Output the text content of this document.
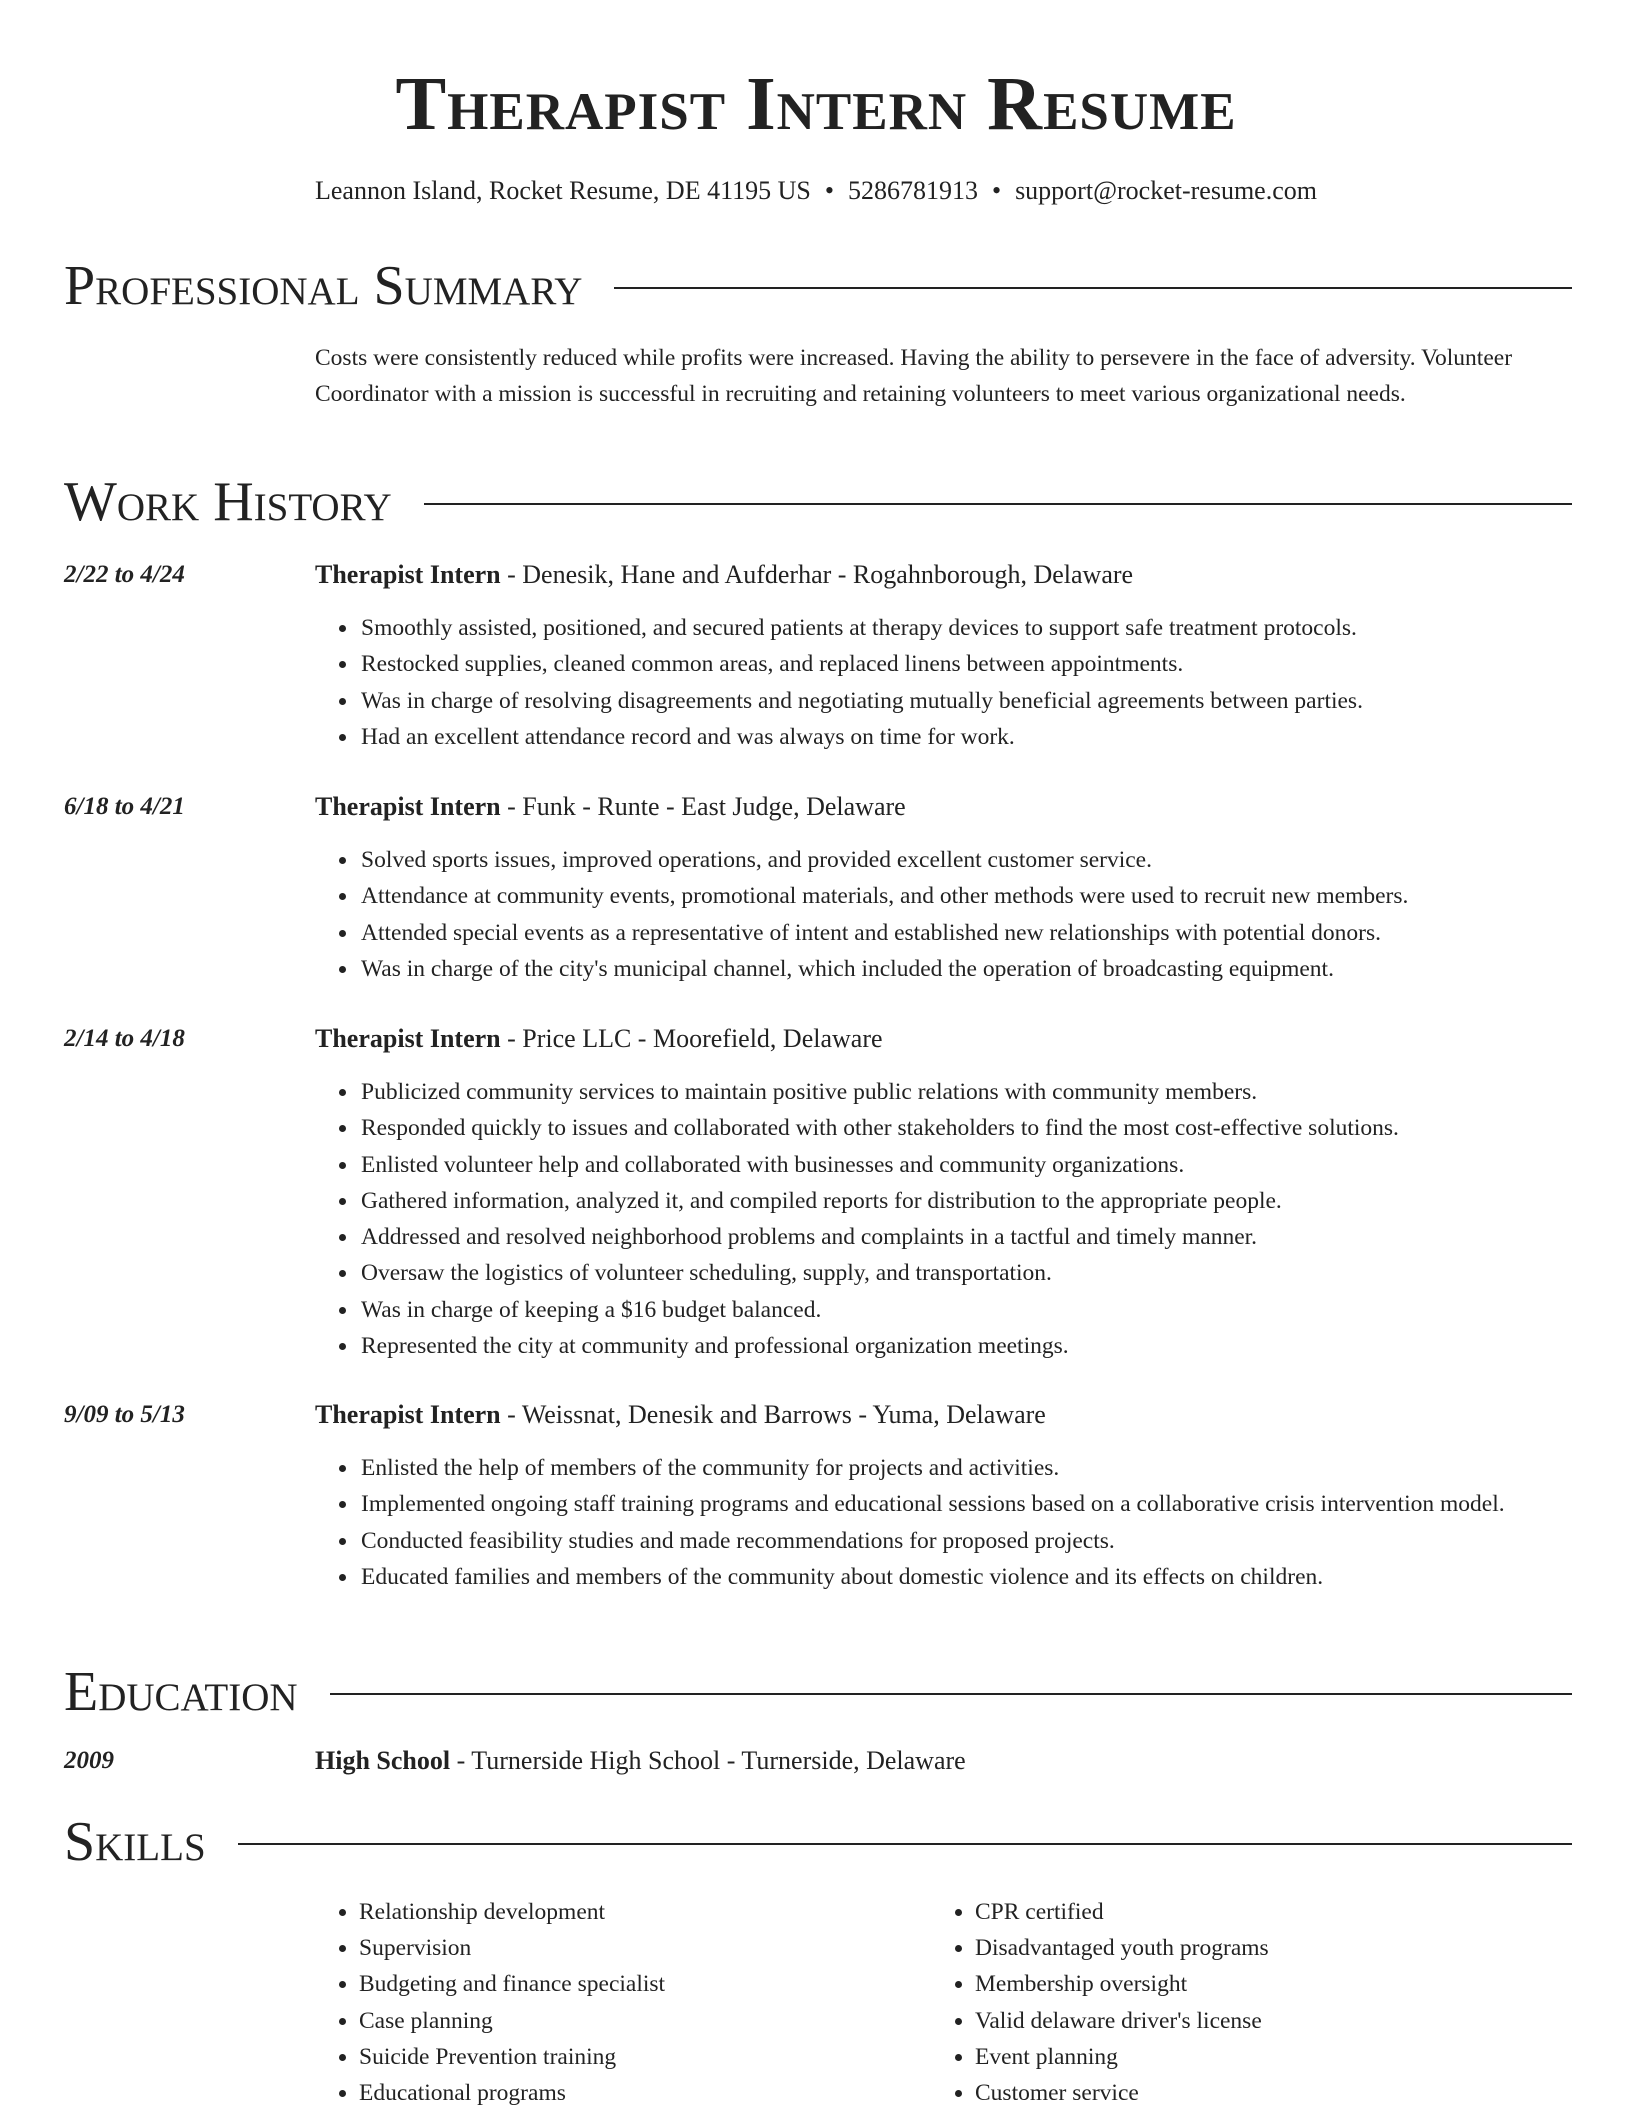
Therapist Intern Resume
Leannon Island, Rocket Resume, DE 41195 US • 5286781913 • support@rocket-resume.com
Professional Summary

Costs were consistently reduced while profits were increased. Having the ability to persevere in the face of adversity. Volunteer Coordinator with a mission is successful in recruiting and retaining volunteers to meet various organizational needs.

Work History
2/22 to 4/24	Therapist Intern - Denesik, Hane and Aufderhar - Rogahnborough, Delaware
• Smoothly assisted, positioned, and secured patients at therapy devices to support safe treatment protocols.
• Restocked supplies, cleaned common areas, and replaced linens between appointments.
• Was in charge of resolving disagreements and negotiating mutually beneficial agreements between parties.
• Had an excellent attendance record and was always on time for work.
6/18 to 4/21	Therapist Intern - Funk - Runte - East Judge, Delaware
• Solved sports issues, improved operations, and provided excellent customer service.
• Attendance at community events, promotional materials, and other methods were used to recruit new members.
• Attended special events as a representative of intent and established new relationships with potential donors.
• Was in charge of the city's municipal channel, which included the operation of broadcasting equipment.
2/14 to 4/18	Therapist Intern - Price LLC - Moorefield, Delaware
• Publicized community services to maintain positive public relations with community members.
• Responded quickly to issues and collaborated with other stakeholders to find the most cost-effective solutions.
• Enlisted volunteer help and collaborated with businesses and community organizations.
• Gathered information, analyzed it, and compiled reports for distribution to the appropriate people.
• Addressed and resolved neighborhood problems and complaints in a tactful and timely manner.
• Oversaw the logistics of volunteer scheduling, supply, and transportation.
• Was in charge of keeping a $16 budget balanced.
• Represented the city at community and professional organization meetings.
9/09 to 5/13	Therapist Intern - Weissnat, Denesik and Barrows - Yuma, Delaware
• Enlisted the help of members of the community for projects and activities.
• Implemented ongoing staff training programs and educational sessions based on a collaborative crisis intervention model.
• Conducted feasibility studies and made recommendations for proposed projects.
• Educated families and members of the community about domestic violence and its effects on children.
Education
2009	High School - Turnerside High School - Turnerside, Delaware
Skills
• Relationship development
• Supervision
• Budgeting and finance specialist
• Case planning
• Suicide Prevention training
• Educational programs
• CPR certified
• Disadvantaged youth programs
• Membership oversight
• Valid delaware driver's license
• Event planning
• Customer service
